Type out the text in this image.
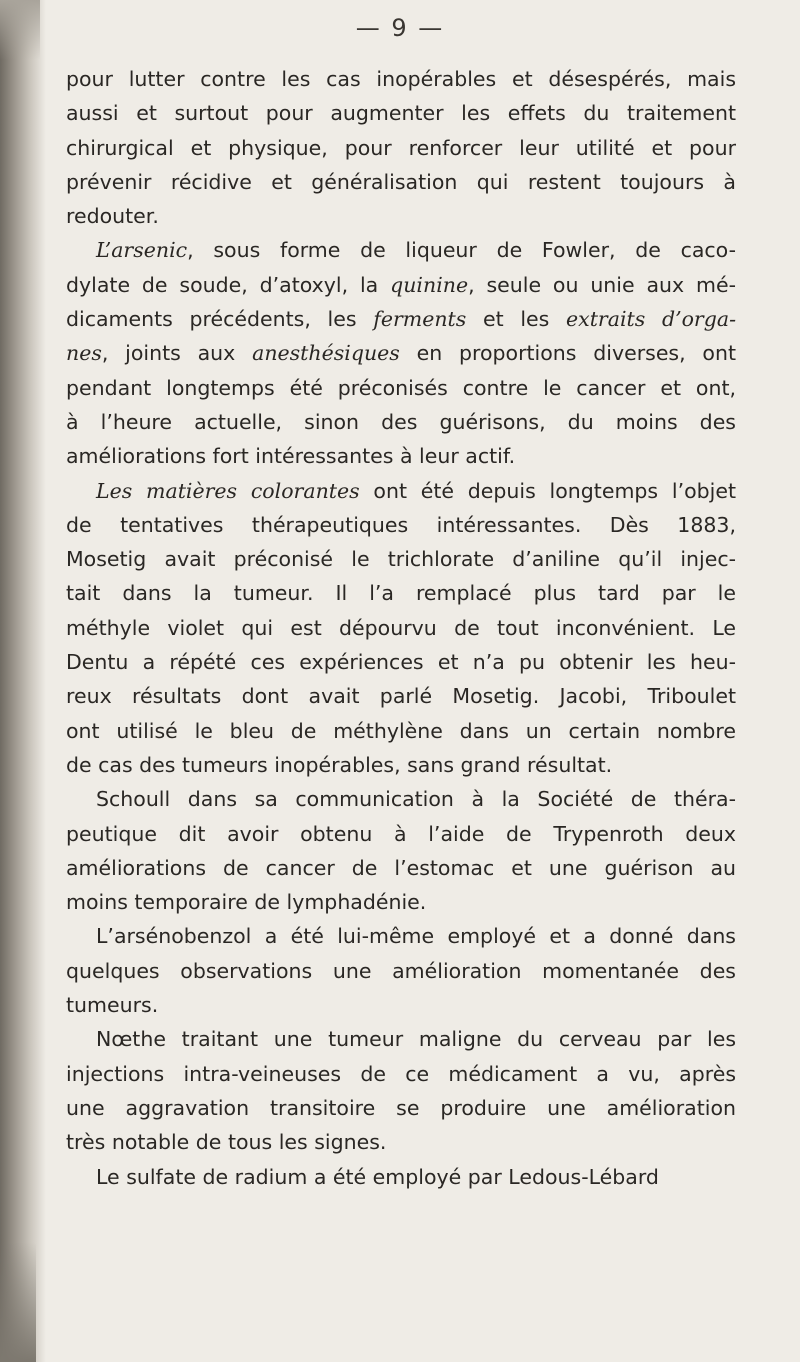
— 9 —
pour lutter contre les cas inopérables et désespérés, mais
aussi et surtout pour augmenter les effets du traitement
chirurgical et physique, pour renforcer leur utilité et pour
prévenir récidive et généralisation qui restent toujours à
redouter.
L’arsenic, sous forme de liqueur de Fowler, de caco-
dylate de soude, d’atoxyl, la quinine, seule ou unie aux mé-
dicaments précédents, les ferments et les extraits d’orga-
nes, joints aux anesthésiques en proportions diverses, ont
pendant longtemps été préconisés contre le cancer et ont,
à l’heure actuelle, sinon des guérisons, du moins des
améliorations fort intéressantes à leur actif.
Les matières colorantes ont été depuis longtemps l’objet
de tentatives thérapeutiques intéressantes. Dès 1883,
Mosetig avait préconisé le trichlorate d’aniline qu’il injec-
tait dans la tumeur. Il l’a remplacé plus tard par le
méthyle violet qui est dépourvu de tout inconvénient. Le
Dentu a répété ces expériences et n’a pu obtenir les heu-
reux résultats dont avait parlé Mosetig. Jacobi, Triboulet
ont utilisé le bleu de méthylène dans un certain nombre
de cas des tumeurs inopérables, sans grand résultat.
Schoull dans sa communication à la Société de théra-
peutique dit avoir obtenu à l’aide de Trypenroth deux
améliorations de cancer de l’estomac et une guérison au
moins temporaire de lymphadénie.
L’arsénobenzol a été lui-même employé et a donné dans
quelques observations une amélioration momentanée des
tumeurs.
Nœthe traitant une tumeur maligne du cerveau par les
injections intra-veineuses de ce médicament a vu, après
une aggravation transitoire se produire une amélioration
très notable de tous les signes.
Le sulfate de radium a été employé par Ledous-Lébard
